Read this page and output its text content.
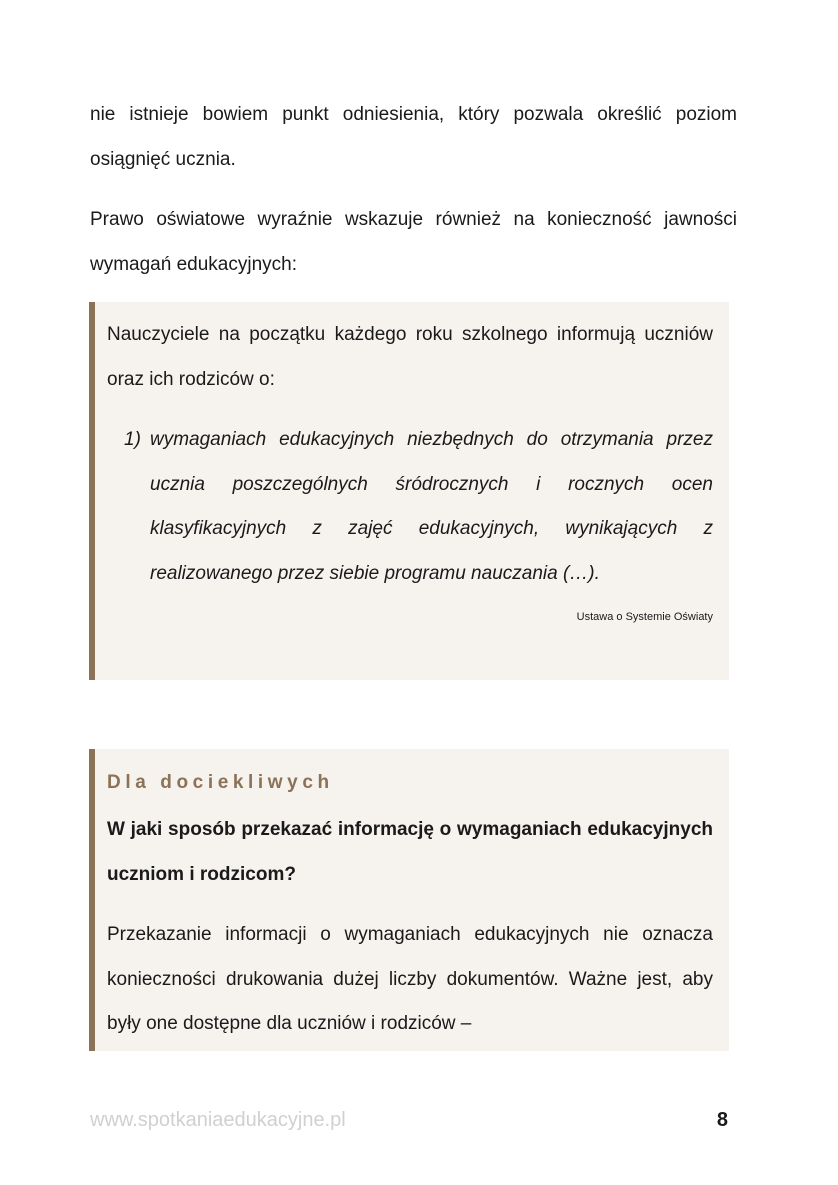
nie istnieje bowiem punkt odniesienia, który pozwala określić poziom osiągnięć ucznia.

Prawo oświatowe wyraźnie wskazuje również na konieczność jawności wymagań edukacyjnych:

Nauczyciele na początku każdego roku szkolnego informują uczniów oraz ich rodziców o:

1) wymaganiach edukacyjnych niezbędnych do otrzymania przez ucznia poszczególnych śródrocznych i rocznych ocen klasyfikacyjnych z zajęć edukacyjnych, wynikających z realizowanego przez siebie programu nauczania (…).

Ustawa o Systemie Oświaty
Dla dociekliwych

W jaki sposób przekazać informację o wymaganiach edukacyjnych uczniom i rodzicom?

Przekazanie informacji o wymaganiach edukacyjnych nie oznacza konieczności drukowania dużej liczby dokumentów. Ważne jest, aby były one dostępne dla uczniów i rodziców –

www.spotkaniaedukacyjne.pl	8
